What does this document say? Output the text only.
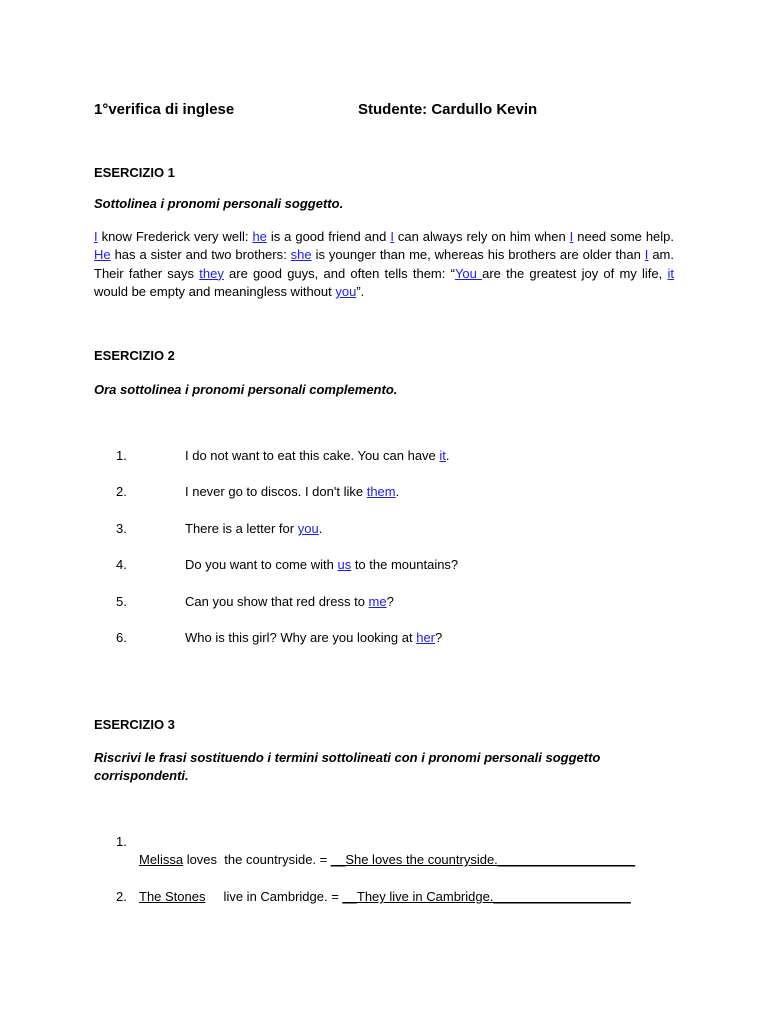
1°verifica di inglese	Studente: Cardullo Kevin
ESERCIZIO 1
Sottolinea i pronomi personali soggetto.
I know Frederick very well: he is a good friend and I can always rely on him when I need some help. He has a sister and two brothers: she is younger than me, whereas his brothers are older than I am. Their father says they are good guys, and often tells them: “You are the greatest joy of my life, it would be empty and meaningless without you”.
ESERCIZIO 2
Ora sottolinea i pronomi personali complemento.
1.	I do not want to eat this cake. You can have it.
2.	I never go to discos. I don't like them.
3.	There is a letter for you.
4.	Do you want to come with us to the mountains?
5.	Can you show that red dress to me?
6.	Who is this girl? Why are you looking at her?
ESERCIZIO 3
Riscrivi le frasi sostituendo i termini sottolineati con i pronomi personali soggetto
corrispondenti.
1.
Melissa loves  the countryside. = __She loves the countryside.___________________
2. The Stones     live in Cambridge. = __They live in Cambridge.___________________
